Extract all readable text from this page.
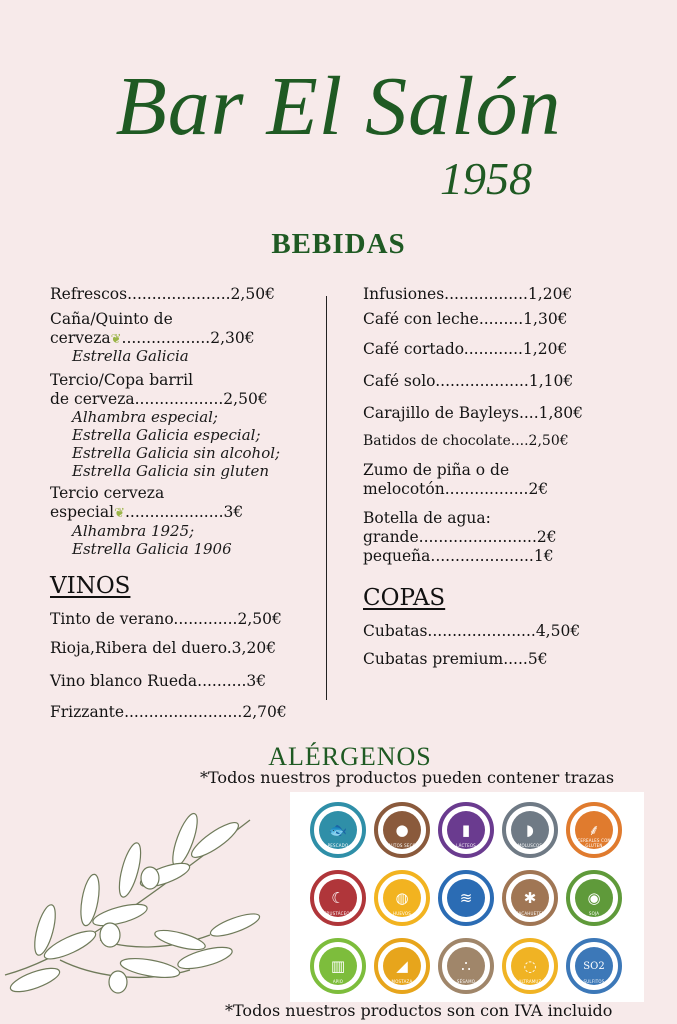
Bar El Salón
1958
BEBIDAS
Refrescos.....................2,50€
Caña/Quinto de
cerveza❦..................2,30€
Estrella Galicia
Tercio/Copa barril
de cerveza..................2,50€
Alhambra especial;
Estrella Galicia especial;
Estrella Galicia sin alcohol;
Estrella Galicia sin gluten
Tercio cerveza
especial❦....................3€
Alhambra 1925;
Estrella Galicia 1906
VINOS
Tinto de verano.............2,50€
Rioja,Ribera del duero.3,20€
Vino blanco Rueda..........3€
Frizzante........................2,70€
Infusiones.................1,20€
Café con leche.........1,30€
Café cortado............1,20€
Café solo...................1,10€
Carajillo de Bayleys....1,80€
Batidos de chocolate....2,50€
Zumo de piña o de
melocotón.................2€
Botella de agua:
grande........................2€
pequeña.....................1€
COPAS
Cubatas......................4,50€
Cubatas premium.....5€
ALÉRGENOS
*Todos nuestros productos pueden contener trazas
🐟
PESCADO
●
FRUTOS SECOS
▮
LÁCTEOS
◗
MOLUSCOS
⸙
CEREALES CON GLUTEN
☾
CRUSTÁCEOS
◍
HUEVOS
≋	✱
CACAHUETES
◉
SOJA
▥
APIO
◢
MOSTAZA
∴
SÉSAMO
◌
ALTRAMUZ
SO2
SULFITOS
*Todos nuestros productos son con IVA incluido
